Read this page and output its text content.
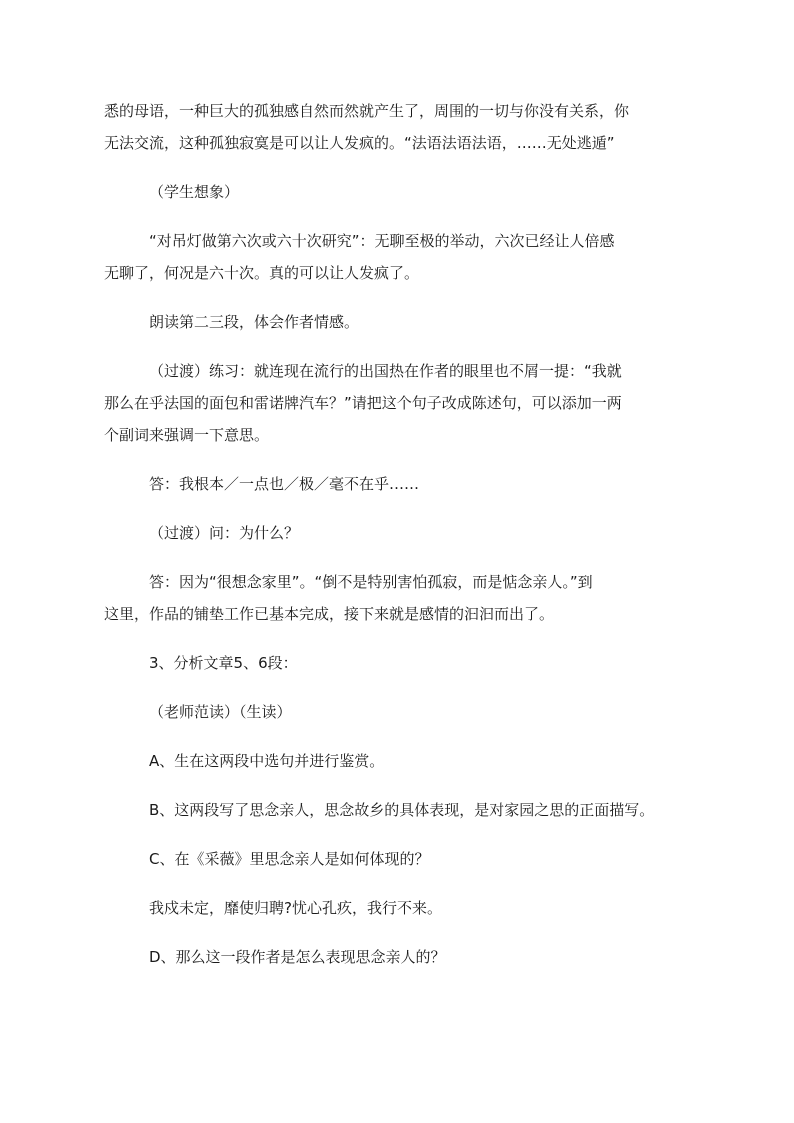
悉的母语，一种巨大的孤独感自然而然就产生了，周围的一切与你没有关系，你
无法交流，这种孤独寂寞是可以让人发疯的。“法语法语法语，……无处逃遁”
（学生想象）
“对吊灯做第六次或六十次研究”：无聊至极的举动，六次已经让人倍感
无聊了，何况是六十次。真的可以让人发疯了。
朗读第二三段，体会作者情感。
（过渡）练习：就连现在流行的出国热在作者的眼里也不屑一提：“我就
那么在乎法国的面包和雷诺牌汽车？”请把这个句子改成陈述句，可以添加一两
个副词来强调一下意思。
答：我根本／一点也／极／毫不在乎……
（过渡）问：为什么？
答：因为“很想念家里”。“倒不是特别害怕孤寂，而是惦念亲人。”到
这里，作品的铺垫工作已基本完成，接下来就是感情的汩汩而出了。
3、分析文章5、6段：
（老师范读）（生读）
A、生在这两段中选句并进行鉴赏。
B、这两段写了思念亲人，思念故乡的具体表现，是对家园之思的正面描写。
C、在《采薇》里思念亲人是如何体现的？
我戍未定，靡使归聘?忧心孔疚，我行不来。
D、那么这一段作者是怎么表现思念亲人的？
